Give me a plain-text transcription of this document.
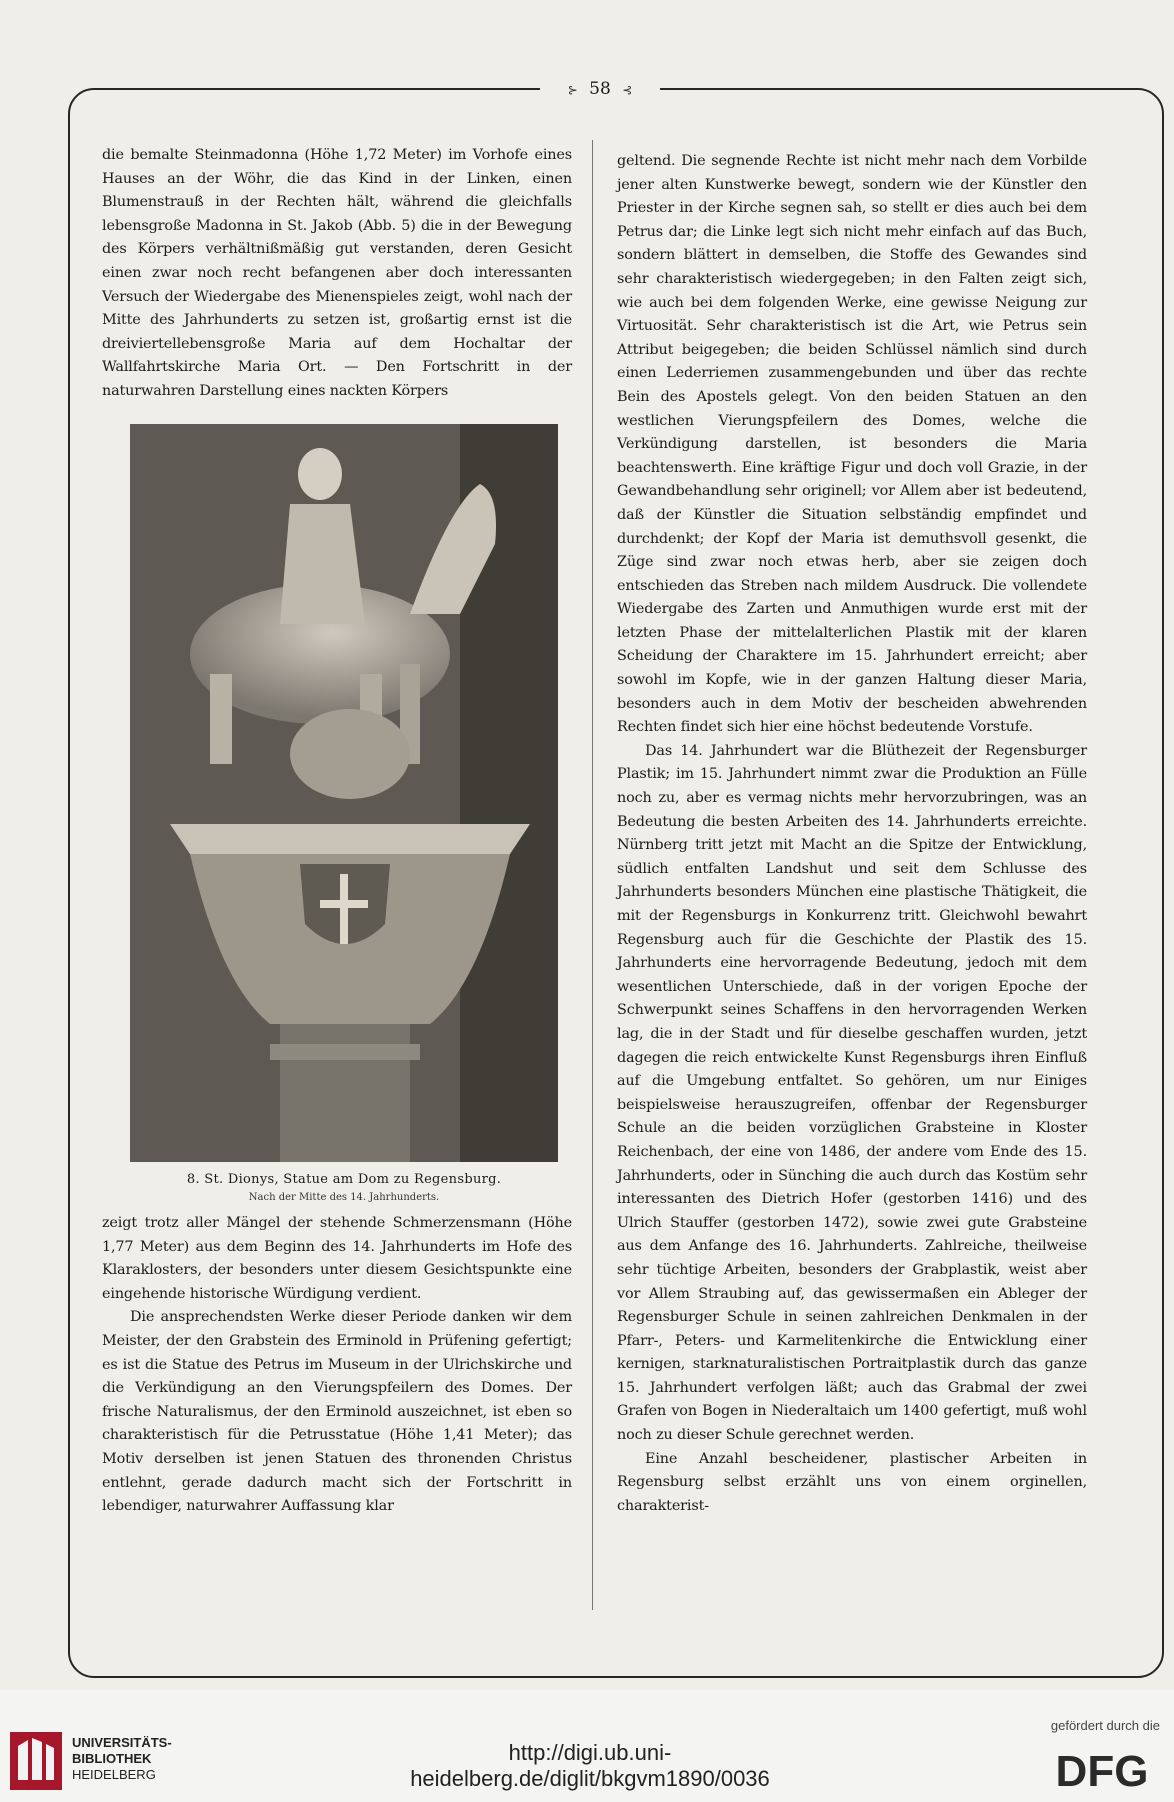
⊱ 58 ⊰

die bemalte Steinmadonna (Höhe 1,72 Meter) im Vorhofe eines Hauses an der Wöhr, die das Kind in der Linken, einen Blumenstrauß in der Rechten hält, während die gleichfalls lebensgroße Madonna in St. Jakob (Abb. 5) die in der Bewegung des Körpers verhältnißmäßig gut verstanden, deren Gesicht einen zwar noch recht befangenen aber doch interessanten Versuch der Wiedergabe des Mienenspieles zeigt, wohl nach der Mitte des Jahrhunderts zu setzen ist, großartig ernst ist die dreiviertellebensgroße Maria auf dem Hochaltar der Wallfahrtskirche Maria Ort. — Den Fortschritt in der naturwahren Darstellung eines nackten Körpers

8. St. Dionys, Statue am Dom zu Regensburg.
Nach der Mitte des 14. Jahrhunderts.

zeigt trotz aller Mängel der stehende Schmerzensmann (Höhe 1,77 Meter) aus dem Beginn des 14. Jahrhunderts im Hofe des Klaraklosters, der besonders unter diesem Gesichtspunkte eine eingehende historische Würdigung verdient.

Die ansprechendsten Werke dieser Periode danken wir dem Meister, der den Grabstein des Erminold in Prüfening gefertigt; es ist die Statue des Petrus im Museum in der Ulrichskirche und die Verkündigung an den Vierungspfeilern des Domes. Der frische Naturalismus, der den Erminold auszeichnet, ist eben so charakteristisch für die Petrusstatue (Höhe 1,41 Meter); das Motiv derselben ist jenen Statuen des thronenden Christus entlehnt, gerade dadurch macht sich der Fortschritt in lebendiger, naturwahrer Auffassung klar

geltend. Die segnende Rechte ist nicht mehr nach dem Vorbilde jener alten Kunstwerke bewegt, sondern wie der Künstler den Priester in der Kirche segnen sah, so stellt er dies auch bei dem Petrus dar; die Linke legt sich nicht mehr einfach auf das Buch, sondern blättert in demselben, die Stoffe des Gewandes sind sehr charakteristisch wiedergegeben; in den Falten zeigt sich, wie auch bei dem folgenden Werke, eine gewisse Neigung zur Virtuosität. Sehr charakteristisch ist die Art, wie Petrus sein Attribut beigegeben; die beiden Schlüssel nämlich sind durch einen Lederriemen zusammengebunden und über das rechte Bein des Apostels gelegt. Von den beiden Statuen an den westlichen Vierungspfeilern des Domes, welche die Verkündigung darstellen, ist besonders die Maria beachtenswerth. Eine kräftige Figur und doch voll Grazie, in der Gewandbehandlung sehr originell; vor Allem aber ist bedeutend, daß der Künstler die Situation selbständig empfindet und durchdenkt; der Kopf der Maria ist demuthsvoll gesenkt, die Züge sind zwar noch etwas herb, aber sie zeigen doch entschieden das Streben nach mildem Ausdruck. Die vollendete Wiedergabe des Zarten und Anmuthigen wurde erst mit der letzten Phase der mittelalterlichen Plastik mit der klaren Scheidung der Charaktere im 15. Jahrhundert erreicht; aber sowohl im Kopfe, wie in der ganzen Haltung dieser Maria, besonders auch in dem Motiv der bescheiden abwehrenden Rechten findet sich hier eine höchst bedeutende Vorstufe.

Das 14. Jahrhundert war die Blüthezeit der Regensburger Plastik; im 15. Jahrhundert nimmt zwar die Produktion an Fülle noch zu, aber es vermag nichts mehr hervorzubringen, was an Bedeutung die besten Arbeiten des 14. Jahrhunderts erreichte. Nürnberg tritt jetzt mit Macht an die Spitze der Entwicklung, südlich entfalten Landshut und seit dem Schlusse des Jahrhunderts besonders München eine plastische Thätigkeit, die mit der Regensburgs in Konkurrenz tritt. Gleichwohl bewahrt Regensburg auch für die Geschichte der Plastik des 15. Jahrhunderts eine hervorragende Bedeutung, jedoch mit dem wesentlichen Unterschiede, daß in der vorigen Epoche der Schwerpunkt seines Schaffens in den hervorragenden Werken lag, die in der Stadt und für dieselbe geschaffen wurden, jetzt dagegen die reich entwickelte Kunst Regensburgs ihren Einfluß auf die Umgebung entfaltet. So gehören, um nur Einiges beispielsweise herauszugreifen, offenbar der Regensburger Schule an die beiden vorzüglichen Grabsteine in Kloster Reichenbach, der eine von 1486, der andere vom Ende des 15. Jahrhunderts, oder in Sünching die auch durch das Kostüm sehr interessanten des Dietrich Hofer (gestorben 1416) und des Ulrich Stauffer (gestorben 1472), sowie zwei gute Grabsteine aus dem Anfange des 16. Jahrhunderts. Zahlreiche, theilweise sehr tüchtige Arbeiten, besonders der Grabplastik, weist aber vor Allem Straubing auf, das gewissermaßen ein Ableger der Regensburger Schule in seinen zahlreichen Denkmalen in der Pfarr-, Peters- und Karmelitenkirche die Entwicklung einer kernigen, starknaturalistischen Portraitplastik durch das ganze 15. Jahrhundert verfolgen läßt; auch das Grabmal der zwei Grafen von Bogen in Niederaltaich um 1400 gefertigt, muß wohl noch zu dieser Schule gerechnet werden.

Eine Anzahl bescheidener, plastischer Arbeiten in Regensburg selbst erzählt uns von einem orginellen, charakterist-

UNIVERSITÄTS-
BIBLIOTHEK
HEIDELBERG
http://digi.ub.uni-heidelberg.de/diglit/bkgvm1890/0036
gefördert durch die
DFG
